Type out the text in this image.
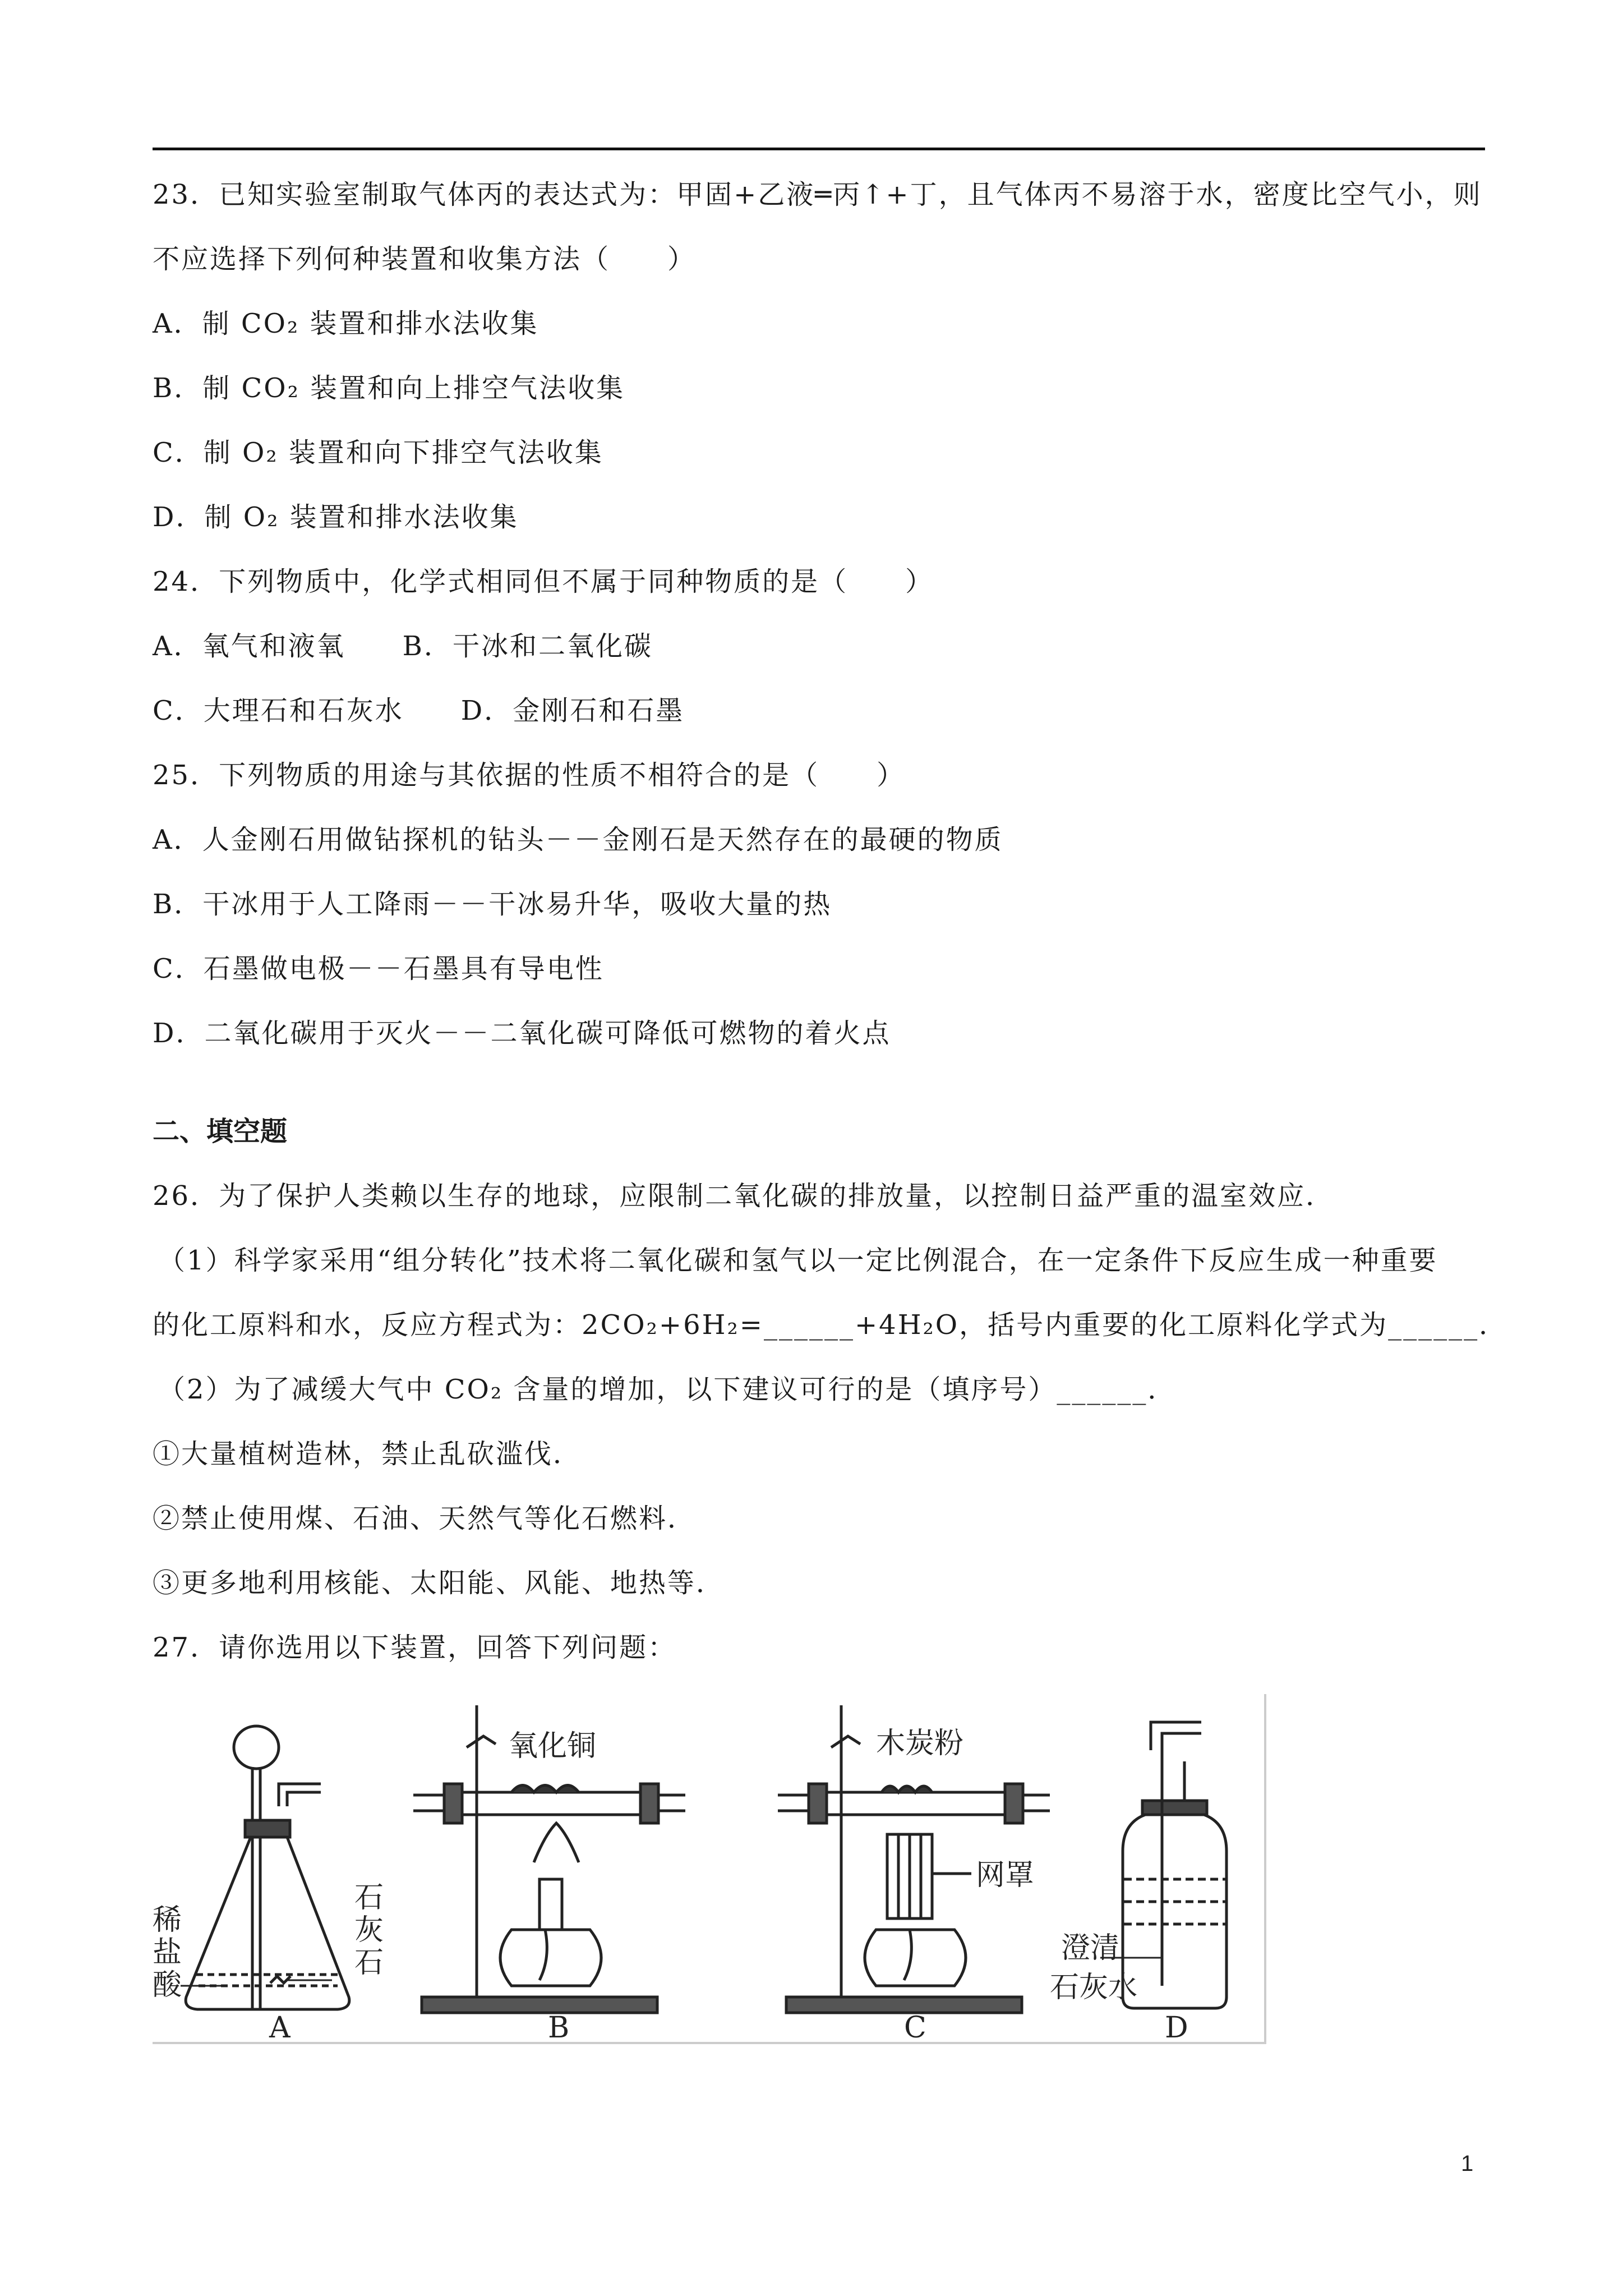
23．已知实验室制取气体丙的表达式为：甲固+乙液═丙↑+丁，且气体丙不易溶于水，密度比空气小，则
不应选择下列何种装置和收集方法（　　）
A．制 CO₂ 装置和排水法收集
B．制 CO₂ 装置和向上排空气法收集
C．制 O₂ 装置和向下排空气法收集
D．制 O₂ 装置和排水法收集
24．下列物质中，化学式相同但不属于同种物质的是（　　）
A．氧气和液氧　　B．干冰和二氧化碳
C．大理石和石灰水　　D．金刚石和石墨
25．下列物质的用途与其依据的性质不相符合的是（　　）
A．人金刚石用做钻探机的钻头－－金刚石是天然存在的最硬的物质
B．干冰用于人工降雨－－干冰易升华，吸收大量的热
C．石墨做电极－－石墨具有导电性
D．二氧化碳用于灭火－－二氧化碳可降低可燃物的着火点
二、填空题
26．为了保护人类赖以生存的地球，应限制二氧化碳的排放量，以控制日益严重的温室效应．
（1）科学家采用“组分转化”技术将二氧化碳和氢气以一定比例混合，在一定条件下反应生成一种重要
的化工原料和水，反应方程式为：2CO₂+6H₂=______+4H₂O，括号内重要的化工原料化学式为______．
（2）为了减缓大气中 CO₂ 含量的增加，以下建议可行的是（填序号）______．
①大量植树造林，禁止乱砍滥伐．
②禁止使用煤、石油、天然气等化石燃料．
③更多地利用核能、太阳能、风能、地热等．
27．请你选用以下装置，回答下列问题：
稀
盐
酸
石
灰
石
A
氧化铜
B
木炭粉
网罩
C
澄清
石灰水
D
1
